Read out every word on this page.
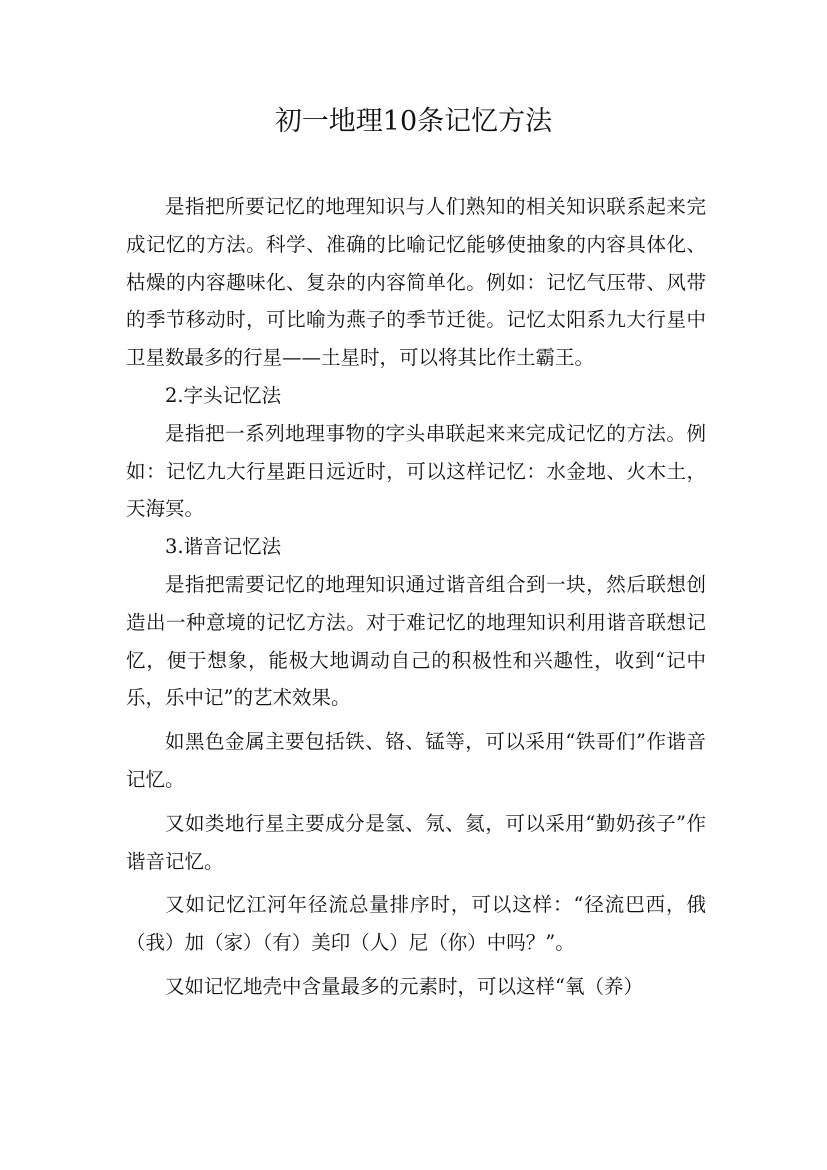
初一地理10条记忆方法

是指把所要记忆的地理知识与人们熟知的相关知识联系起来完成记忆的方法。科学、准确的比喻记忆能够使抽象的内容具体化、枯燥的内容趣味化、复杂的内容简单化。例如：记忆气压带、风带的季节移动时，可比喻为燕子的季节迁徙。记忆太阳系九大行星中卫星数最多的行星——土星时，可以将其比作土霸王。

2.字头记忆法

是指把一系列地理事物的字头串联起来来完成记忆的方法。例如：记忆九大行星距日远近时，可以这样记忆：水金地、火木土，天海冥。

3.谐音记忆法

是指把需要记忆的地理知识通过谐音组合到一块，然后联想创造出一种意境的记忆方法。对于难记忆的地理知识利用谐音联想记忆，便于想象，能极大地调动自己的积极性和兴趣性，收到“记中乐，乐中记”的艺术效果。

如黑色金属主要包括铁、铬、锰等，可以采用“铁哥们”作谐音记忆。

又如类地行星主要成分是氢、氖、氦，可以采用“勤奶孩子”作谐音记忆。

又如记忆江河年径流总量排序时，可以这样：“径流巴西，俄（我）加（家）（有）美印（人）尼（你）中吗？”。

又如记忆地壳中含量最多的元素时，可以这样“氧（养）
